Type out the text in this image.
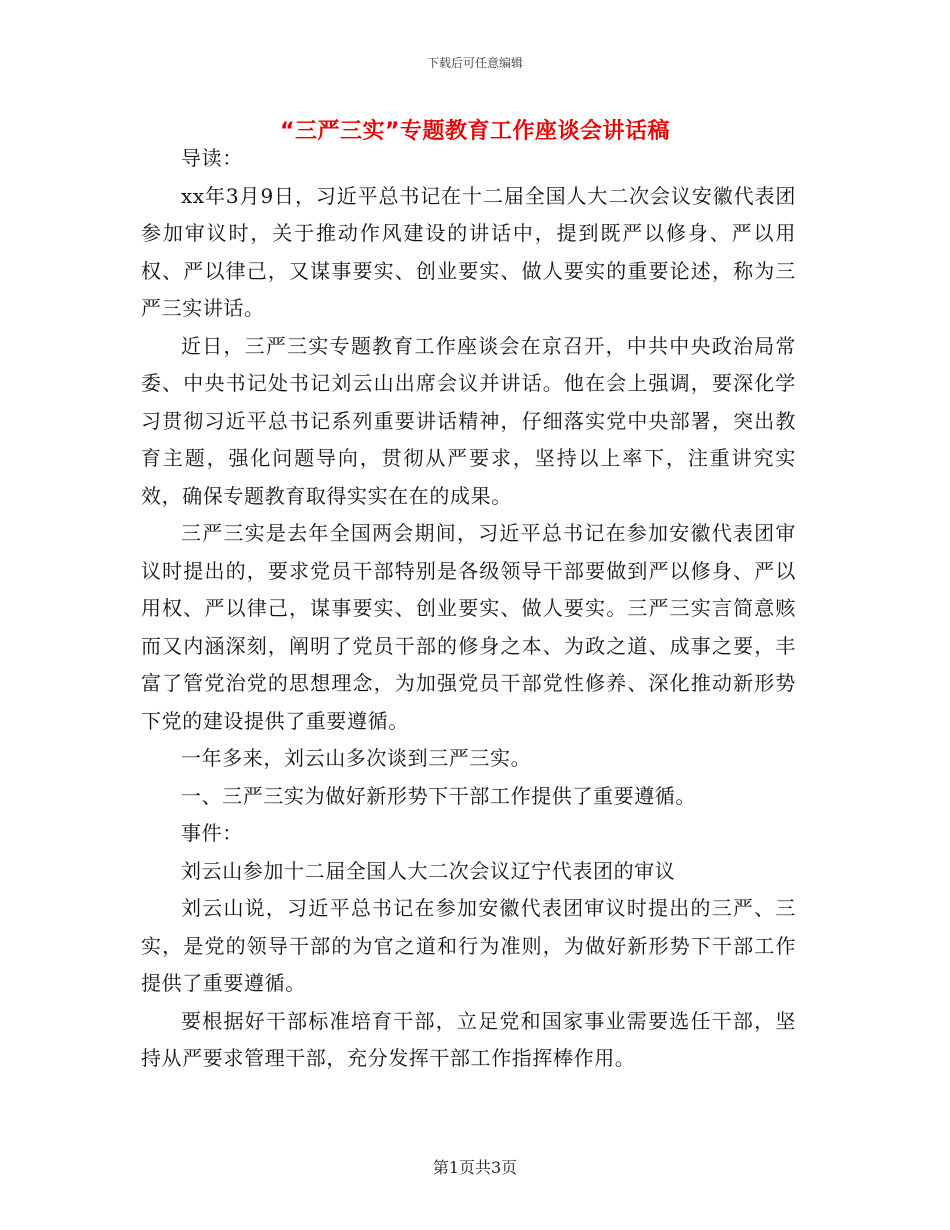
下载后可任意编辑
“三严三实”专题教育工作座谈会讲话稿

导读：

xx年3月9日，习近平总书记在十二届全国人大二次会议安徽代表团参加审议时，关于推动作风建设的讲话中，提到既严以修身、严以用权、严以律己，又谋事要实、创业要实、做人要实的重要论述，称为三严三实讲话。

近日，三严三实专题教育工作座谈会在京召开，中共中央政治局常委、中央书记处书记刘云山出席会议并讲话。他在会上强调，要深化学习贯彻习近平总书记系列重要讲话精神，仔细落实党中央部署，突出教育主题，强化问题导向，贯彻从严要求，坚持以上率下，注重讲究实效，确保专题教育取得实实在在的成果。

三严三实是去年全国两会期间，习近平总书记在参加安徽代表团审议时提出的，要求党员干部特别是各级领导干部要做到严以修身、严以用权、严以律己，谋事要实、创业要实、做人要实。三严三实言简意赅而又内涵深刻，阐明了党员干部的修身之本、为政之道、成事之要，丰富了管党治党的思想理念，为加强党员干部党性修养、深化推动新形势下党的建设提供了重要遵循。

一年多来，刘云山多次谈到三严三实。

一、三严三实为做好新形势下干部工作提供了重要遵循。

事件：

刘云山参加十二届全国人大二次会议辽宁代表团的审议

刘云山说，习近平总书记在参加安徽代表团审议时提出的三严、三实，是党的领导干部的为官之道和行为准则，为做好新形势下干部工作提供了重要遵循。

要根据好干部标准培育干部，立足党和国家事业需要选任干部，坚持从严要求管理干部，充分发挥干部工作指挥棒作用。

第1页共3页
